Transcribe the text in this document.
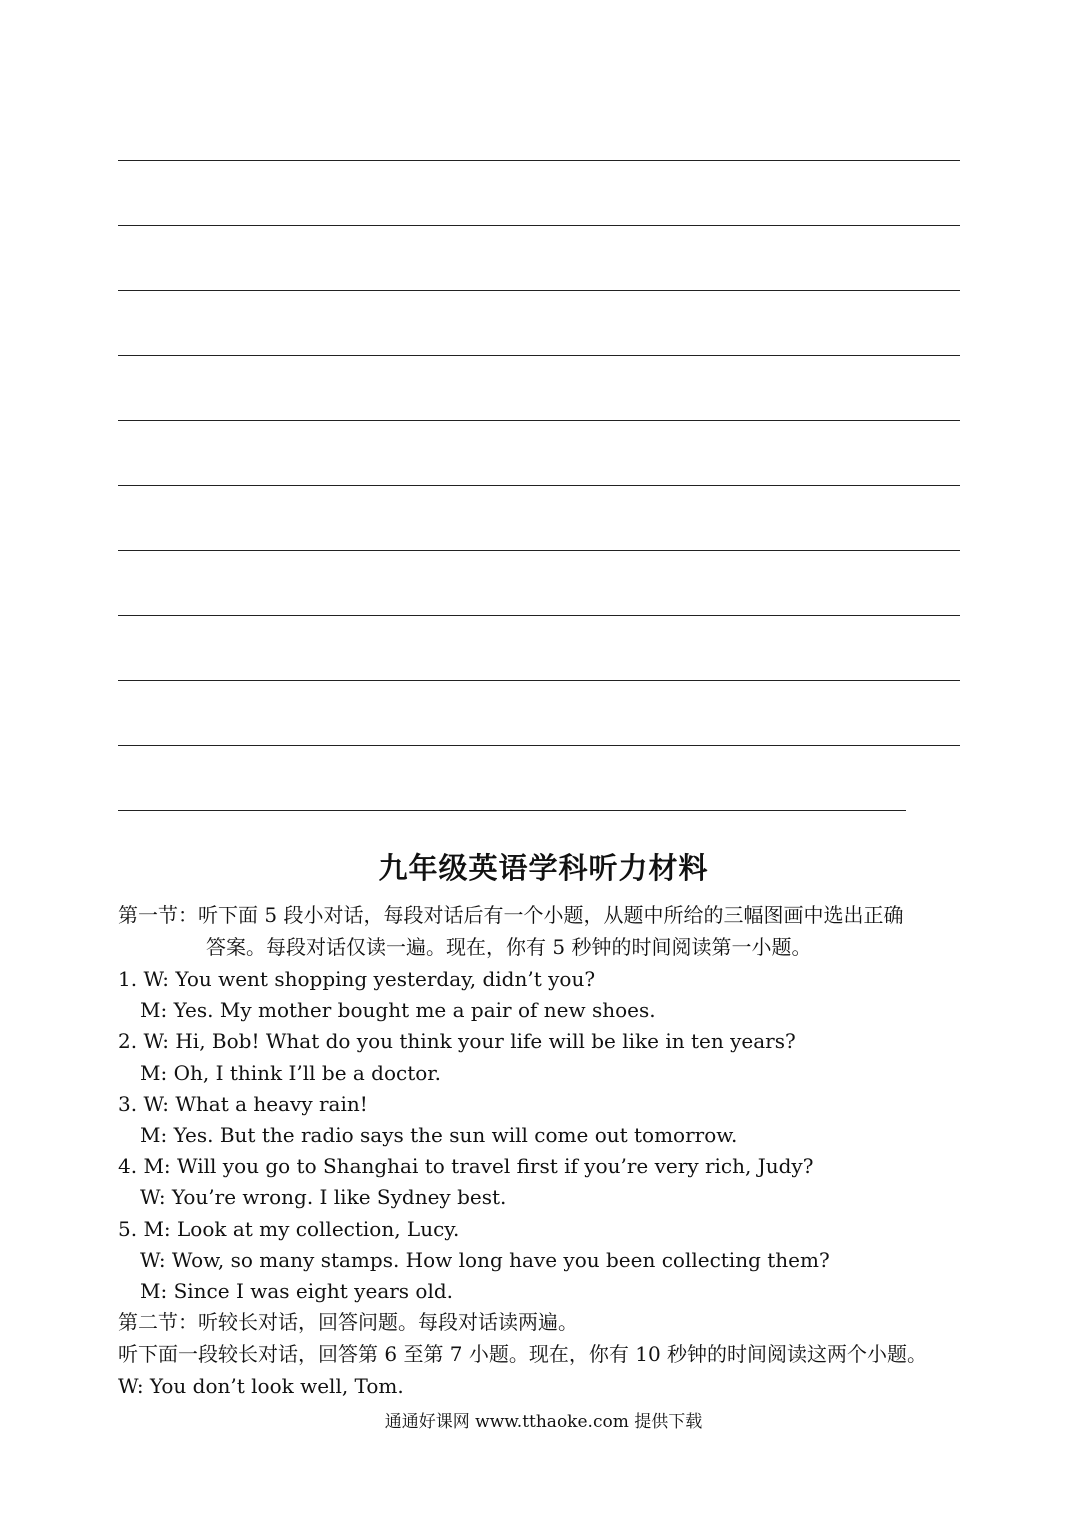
九年级英语学科听力材料
第一节：听下面 5 段小对话，每段对话后有一个小题，从题中所给的三幅图画中选出正确
答案。每段对话仅读一遍。现在，你有 5 秒钟的时间阅读第一小题。
1. W: You went shopping yesterday, didn’t you?
M: Yes. My mother bought me a pair of new shoes.
2. W: Hi, Bob! What do you think your life will be like in ten years?
M: Oh, I think I’ll be a doctor.
3. W: What a heavy rain!
M: Yes. But the radio says the sun will come out tomorrow.
4. M: Will you go to Shanghai to travel first if you’re very rich, Judy?
W: You’re wrong. I like Sydney best.
5. M: Look at my collection, Lucy.
W: Wow, so many stamps. How long have you been collecting them?
M: Since I was eight years old.
第二节：听较长对话，回答问题。每段对话读两遍。
听下面一段较长对话，回答第 6 至第 7 小题。现在，你有 10 秒钟的时间阅读这两个小题。
W: You don’t look well, Tom.
通通好课网 www.tthaoke.com 提供下载
